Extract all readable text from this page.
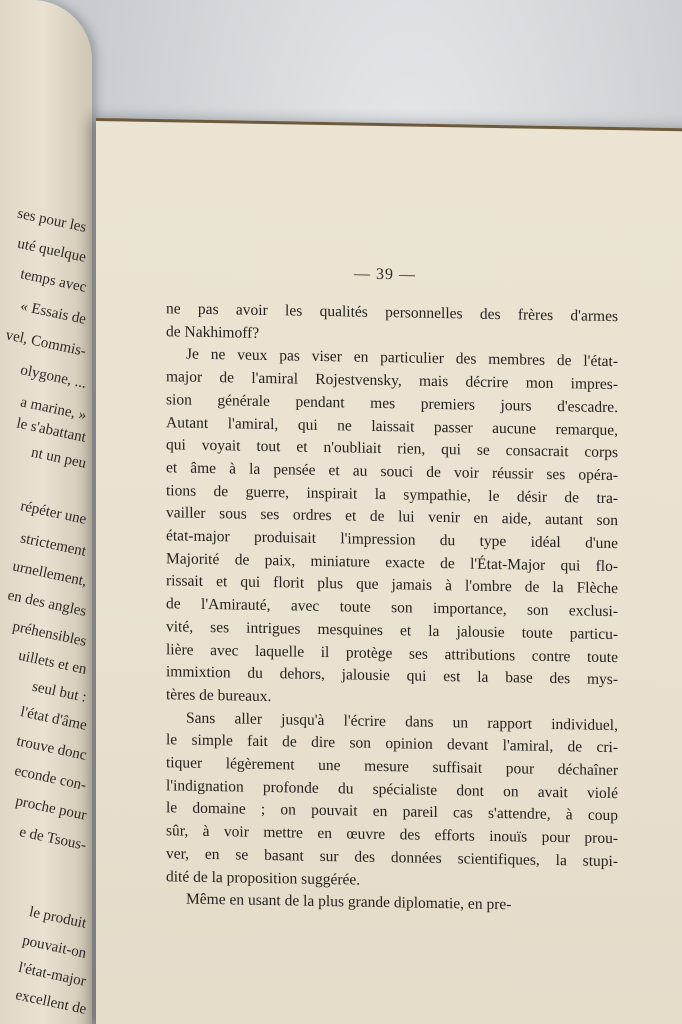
ses pour les
uté quelque
temps avec
« Essais de
vel, Commis-
olygone, ...
a marine, »
le s'abattant
nt un peu
répéter une
strictement
urnellement,
en des angles
préhensibles
uillets et en
seul but :
l'état d'âme
trouve donc
econde con-
proche pour
e de Tsous-
le produit
pouvait-on
l'état-major
excellent de
— 39 —
ne pas avoir les qualités personnelles des frères d'armes
de Nakhimoff?
Je ne veux pas viser en particulier des membres de l'état-
major de l'amiral Rojestvensky, mais décrire mon impres-
sion générale pendant mes premiers jours d'escadre.
Autant l'amiral, qui ne laissait passer aucune remarque,
qui voyait tout et n'oubliait rien, qui se consacrait corps
et âme à la pensée et au souci de voir réussir ses opéra-
tions de guerre, inspirait la sympathie, le désir de tra-
vailler sous ses ordres et de lui venir en aide, autant son
état-major produisait l'impression du type idéal d'une
Majorité de paix, miniature exacte de l'État-Major qui flo-
rissait et qui florit plus que jamais à l'ombre de la Flèche
de l'Amirauté, avec toute son importance, son exclusi-
vité, ses intrigues mesquines et la jalousie toute particu-
lière avec laquelle il protège ses attributions contre toute
immixtion du dehors, jalousie qui est la base des mys-
tères de bureaux.
Sans aller jusqu'à l'écrire dans un rapport individuel,
le simple fait de dire son opinion devant l'amiral, de cri-
tiquer légèrement une mesure suffisait pour déchaîner
l'indignation profonde du spécialiste dont on avait violé
le domaine ; on pouvait en pareil cas s'attendre, à coup
sûr, à voir mettre en œuvre des efforts inouïs pour prou-
ver, en se basant sur des données scientifiques, la stupi-
dité de la proposition suggérée.
Même en usant de la plus grande diplomatie, en pre-
